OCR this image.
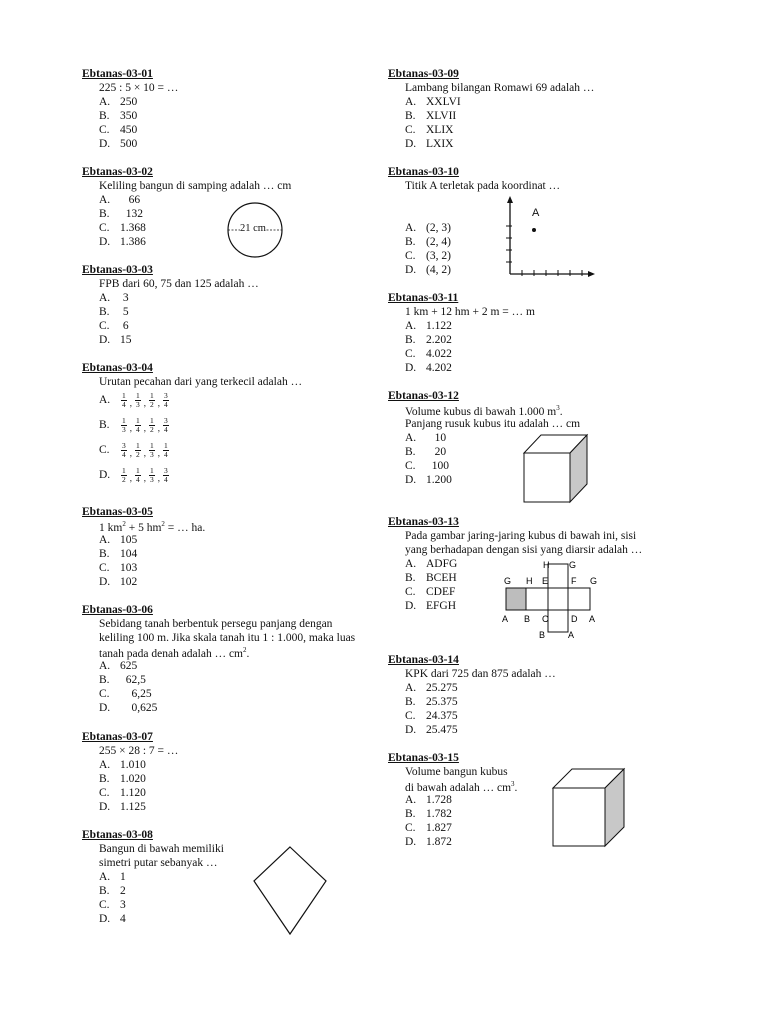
Ebtanas-03-01
225 : 5 × 10 = …
A. 250
B. 350
C. 450
D. 500
Ebtanas-03-02
Keliling bangun di samping adalah … cm
A.   66
B.  132
C. 1.368
D. 1.386
21 cm
Ebtanas-03-03
FPB dari 60, 75 dan 125 adalah …
A. 3
B. 5
C. 6
D. 15
Ebtanas-03-04
Urutan pecahan dari yang terkecil adalah …
A. $\frac{1}{4} _, \frac{1}{3} _, \frac{1}{2} _, \frac{3}{4}$
B. $\frac{1}{3} _, \frac{1}{4} _, \frac{1}{2} _, \frac{3}{4}$
C. $\frac{3}{4} _, \frac{1}{2} _, \frac{1}{3} _, \frac{1}{4}$
D. $\frac{1}{2} _, \frac{1}{4} _, \frac{1}{3} _, \frac{3}{4}$
Ebtanas-03-05
1 $km^2 + 5$ $hm^2$ = … ha.
A. 105
B. 104
C. 103
D. 102
Ebtanas-03-06
Sebidang tanah berbentuk persegu panjang dengan
keliling 100 m. Jika skala tanah itu 1 : 1.000, maka luas
tanah pada denah adalah … $cm^2$.
A. 625
B.  62,5
C.    6,25
D.    0,625
Ebtanas-03-07
255 × 28 : 7 = …
A. 1.010
B. 1.020
C. 1.120
D. 1.125
Ebtanas-03-08
Bangun di bawah memiliki
simetri putar sebanyak …
A. 1
B. 2
C. 3
D. 4
Ebtanas-03-09
Lambang bilangan Romawi 69 adalah …
A. XXLVI
B. XLVII
C. XLIX
D. LXIX
Ebtanas-03-10
Titik A terletak pada koordinat …
A. (2, 3)
B. (2, 4)
C. (3, 2)
D. (4, 2)
A
Ebtanas-03-11
1 km + 12 hm + 2 m = … m
A. 1.122
B. 2.202
C. 4.022
D. 4.202
Ebtanas-03-12
Volume kubus di bawah 1.000 $m^3$.
Panjang rusuk kubus itu adalah … cm
A.   10
B.   20
C.  100
D. 1.200
Ebtanas-03-13
Pada gambar jaring-jaring kubus di bawah ini, sisi
yang berhadapan dengan sisi yang diarsir adalah …
A. ADFG
B. BCEH
C. CDEF
D. EFGH
H G
G H E	F G
A B C	D A
B	A
Ebtanas-03-14
KPK dari 725 dan 875 adalah …
A. 25.275
B. 25.375
C. 24.375
D. 25.475
Ebtanas-03-15
Volume bangun kubus
di bawah adalah … $cm^3$.
A. 1.728
B. 1.782
C. 1.827
D. 1.872
